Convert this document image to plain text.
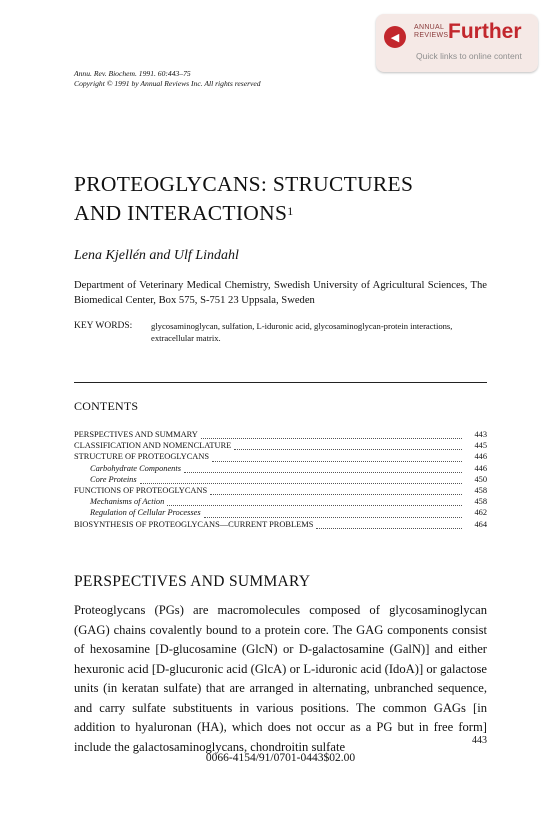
◀
ANNUAL
REVIEWS Further
Quick links to online content
Annu. Rev. Biochem. 1991. 60:443–75
Copyright © 1991 by Annual Reviews Inc. All rights reserved
PROTEOGLYCANS: STRUCTURES
AND INTERACTIONS$^1$
Lena Kjellén and Ulf Lindahl
Department of Veterinary Medical Chemistry, Swedish University of Agricultural Sciences, The Biomedical Center, Box 575, S-751 23 Uppsala, Sweden
KEY WORDS: glycosaminoglycan, sulfation, L-iduronic acid, glycosaminoglycan-protein interactions, extracellular matrix.
CONTENTS
PERSPECTIVES AND SUMMARY	443
CLASSIFICATION AND NOMENCLATURE	445
STRUCTURE OF PROTEOGLYCANS	446
Carbohydrate Components	446
Core Proteins	450
FUNCTIONS OF PROTEOGLYCANS	458
Mechanisms of Action	458
Regulation of Cellular Processes	462
BIOSYNTHESIS OF PROTEOGLYCANS—CURRENT PROBLEMS	464
PERSPECTIVES AND SUMMARY
Proteoglycans (PGs) are macromolecules composed of glycosaminoglycan (GAG) chains covalently bound to a protein core. The GAG components consist of hexosamine [D-glucosamine (GlcN) or D-galactosamine (GalN)] and either hexuronic acid [D-glucuronic acid (GlcA) or L-iduronic acid (IdoA)] or galactose units (in keratan sulfate) that are arranged in alternating, unbranched sequence, and carry sulfate substituents in various positions. The common GAGs [in addition to hyaluronan (HA), which does not occur as a PG but in free form] include the galactosaminoglycans, chondroitin sulfate	443
0066-4154/91/0701-0443$02.00
